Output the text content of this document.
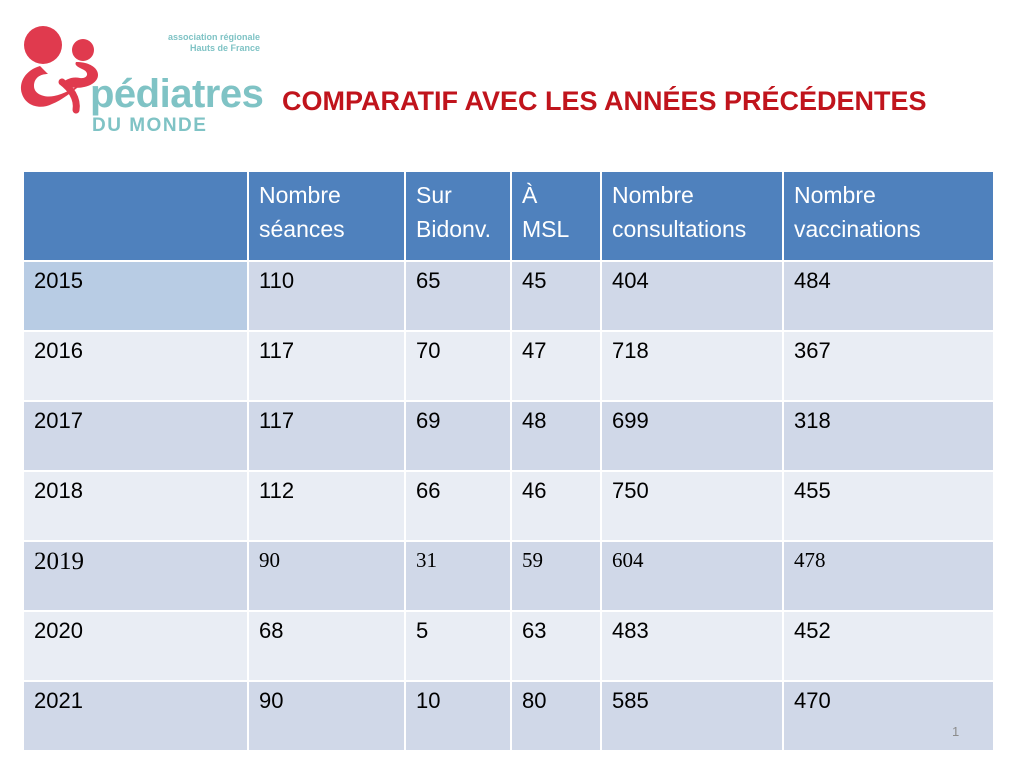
association régionale
Hauts de France
pédiatres
DU MONDE
COMPARATIF AVEC LES ANNÉES PRÉCÉDENTES
	Nombre séances	Sur Bidonv.	À MSL	Nombre consultations	Nombre vaccinations
2015	110	65	45	404	484
2016	117	70	47	718	367
2017	117	69	48	699	318
2018	112	66	46	750	455
2019	90	31	59	604	478
2020	68	5	63	483	452
2021	90	10	80	585	470
1
